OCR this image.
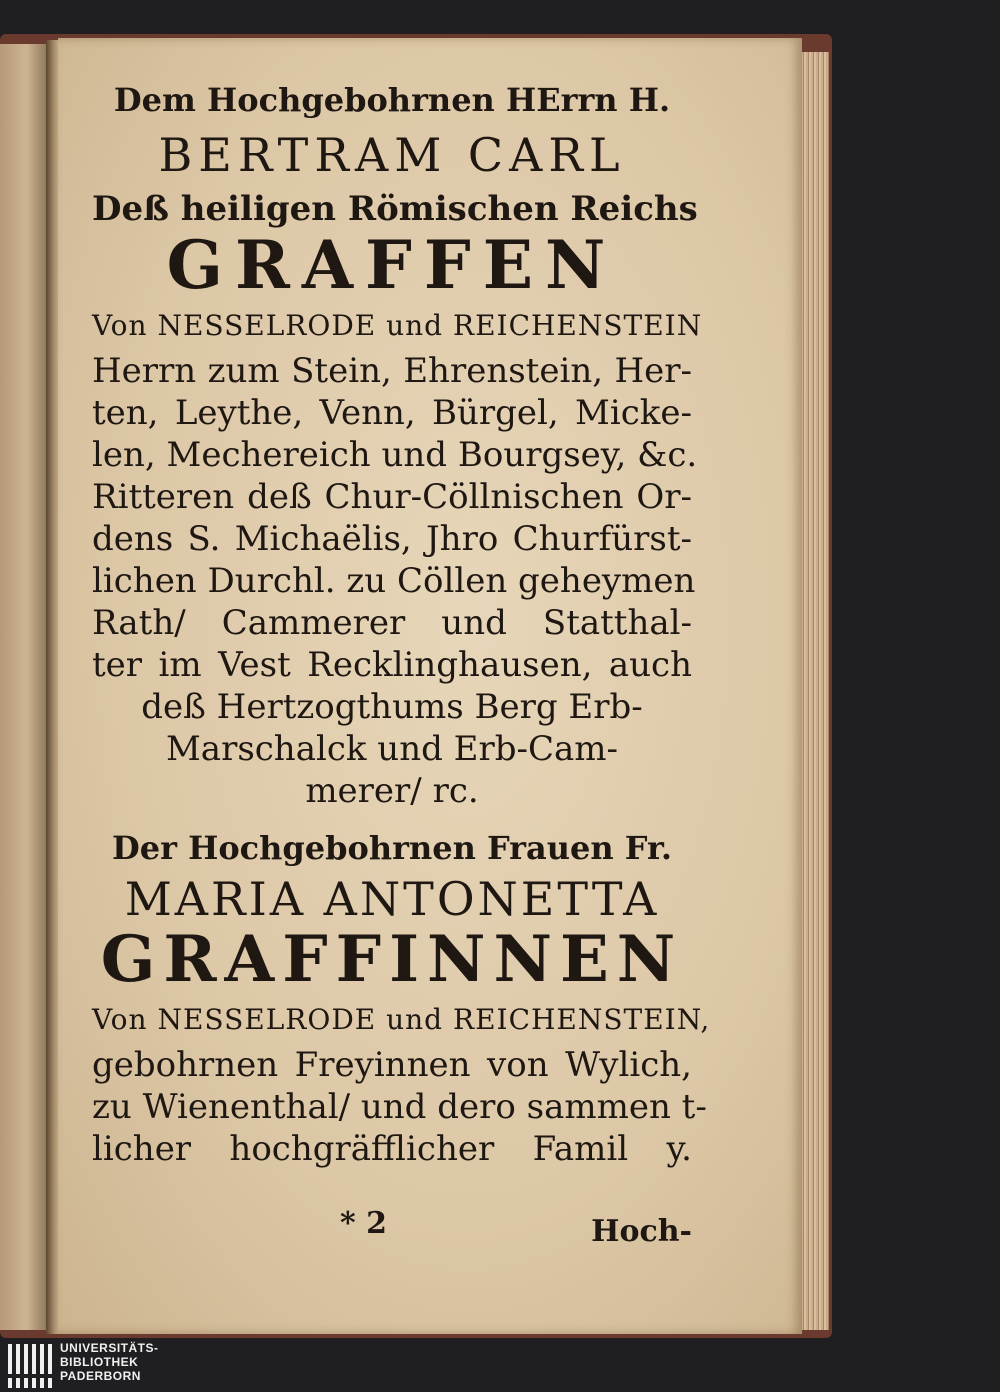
Dem Hochgebohrnen HErrn H.
BERTRAM CARL
Deß heiligen Römischen Reichs
GRAFFEN
Von NESSELRODE und REICHENSTEIN
Herrn zum Stein, Ehrenstein, Her-
ten, Leythe, Venn, Bürgel, Micke-
len, Mechereich und Bourgsey, &c.
Ritteren deß Chur-Cöllnischen Or-
dens S. Michaëlis, Jhro Churfürst-
lichen Durchl. zu Cöllen geheymen
Rath/ Cammerer und Statthal-
ter im Vest Recklinghausen, auch
deß Hertzogthums Berg Erb-
Marschalck und Erb-Cam-
merer/ rc.
Der Hochgebohrnen Frauen Fr.
MARIA ANTONETTA
GRAFFINNEN
Von NESSELRODE und REICHENSTEIN,
gebohrnen Freyinnen von Wylich,
zu Wienenthal/ und dero sammen t-
licher hochgräfflicher Famil y.
* 2	Hoch-
UNIVERSITÄTS-
BIBLIOTHEK
PADERBORN
